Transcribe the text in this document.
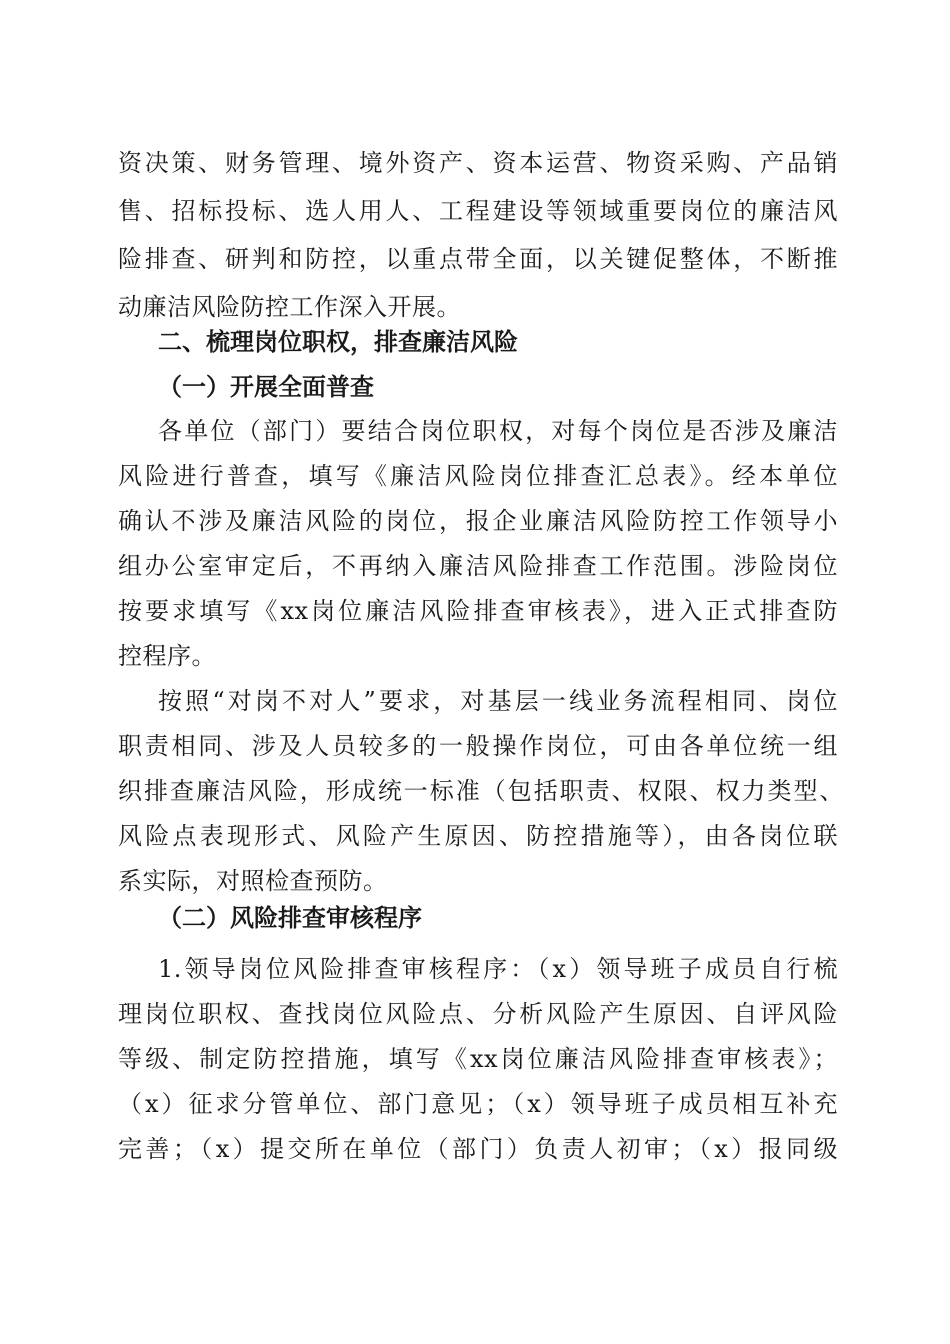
资决策、财务管理、境外资产、资本运营、物资采购、产品销
售、招标投标、选人用人、工程建设等领域重要岗位的廉洁风
险排查、研判和防控，以重点带全面，以关键促整体，不断推
动廉洁风险防控工作深入开展。
二、梳理岗位职权，排查廉洁风险
（一）开展全面普查
各单位（部门）要结合岗位职权，对每个岗位是否涉及廉洁
风险进行普查，填写《廉洁风险岗位排查汇总表》。经本单位
确认不涉及廉洁风险的岗位，报企业廉洁风险防控工作领导小
组办公室审定后，不再纳入廉洁风险排查工作范围。涉险岗位
按要求填写《xx岗位廉洁风险排查审核表》，进入正式排查防
控程序。
按照“对岗不对人”要求，对基层一线业务流程相同、岗位
职责相同、涉及人员较多的一般操作岗位，可由各单位统一组
织排查廉洁风险，形成统一标准（包括职责、权限、权力类型、
风险点表现形式、风险产生原因、防控措施等），由各岗位联
系实际，对照检查预防。
（二）风险排查审核程序
1.领导岗位风险排查审核程序：（x）领导班子成员自行梳
理岗位职权、查找岗位风险点、分析风险产生原因、自评风险
等级、制定防控措施，填写《xx岗位廉洁风险排查审核表》；
（x）征求分管单位、部门意见；（x）领导班子成员相互补充
完善；（x）提交所在单位（部门）负责人初审；（x）报同级
